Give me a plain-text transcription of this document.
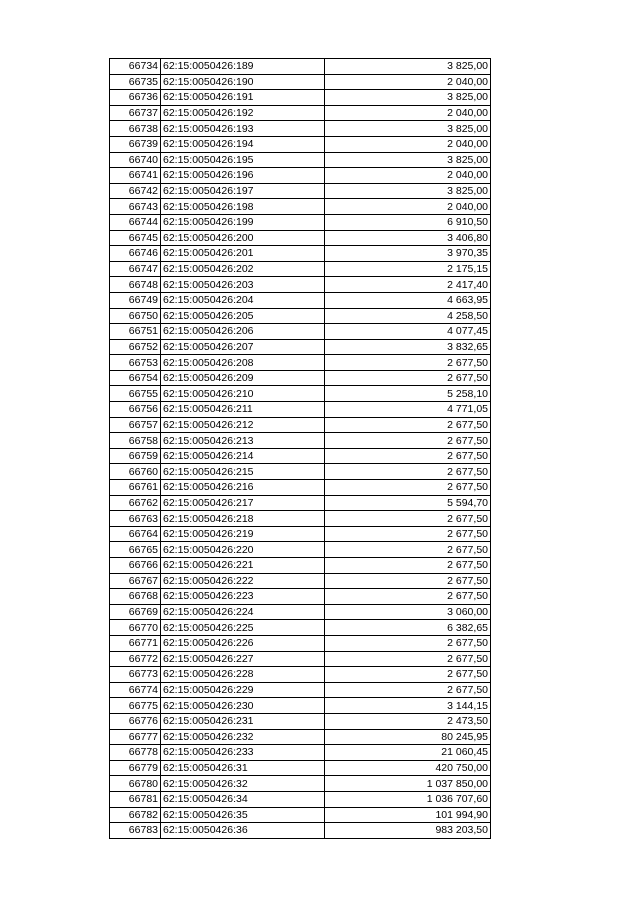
66734	62:15:0050426:189	3 825,00
66735	62:15:0050426:190	2 040,00
66736	62:15:0050426:191	3 825,00
66737	62:15:0050426:192	2 040,00
66738	62:15:0050426:193	3 825,00
66739	62:15:0050426:194	2 040,00
66740	62:15:0050426:195	3 825,00
66741	62:15:0050426:196	2 040,00
66742	62:15:0050426:197	3 825,00
66743	62:15:0050426:198	2 040,00
66744	62:15:0050426:199	6 910,50
66745	62:15:0050426:200	3 406,80
66746	62:15:0050426:201	3 970,35
66747	62:15:0050426:202	2 175,15
66748	62:15:0050426:203	2 417,40
66749	62:15:0050426:204	4 663,95
66750	62:15:0050426:205	4 258,50
66751	62:15:0050426:206	4 077,45
66752	62:15:0050426:207	3 832,65
66753	62:15:0050426:208	2 677,50
66754	62:15:0050426:209	2 677,50
66755	62:15:0050426:210	5 258,10
66756	62:15:0050426:211	4 771,05
66757	62:15:0050426:212	2 677,50
66758	62:15:0050426:213	2 677,50
66759	62:15:0050426:214	2 677,50
66760	62:15:0050426:215	2 677,50
66761	62:15:0050426:216	2 677,50
66762	62:15:0050426:217	5 594,70
66763	62:15:0050426:218	2 677,50
66764	62:15:0050426:219	2 677,50
66765	62:15:0050426:220	2 677,50
66766	62:15:0050426:221	2 677,50
66767	62:15:0050426:222	2 677,50
66768	62:15:0050426:223	2 677,50
66769	62:15:0050426:224	3 060,00
66770	62:15:0050426:225	6 382,65
66771	62:15:0050426:226	2 677,50
66772	62:15:0050426:227	2 677,50
66773	62:15:0050426:228	2 677,50
66774	62:15:0050426:229	2 677,50
66775	62:15:0050426:230	3 144,15
66776	62:15:0050426:231	2 473,50
66777	62:15:0050426:232	80 245,95
66778	62:15:0050426:233	21 060,45
66779	62:15:0050426:31	420 750,00
66780	62:15:0050426:32	1 037 850,00
66781	62:15:0050426:34	1 036 707,60
66782	62:15:0050426:35	101 994,90
66783	62:15:0050426:36	983 203,50
